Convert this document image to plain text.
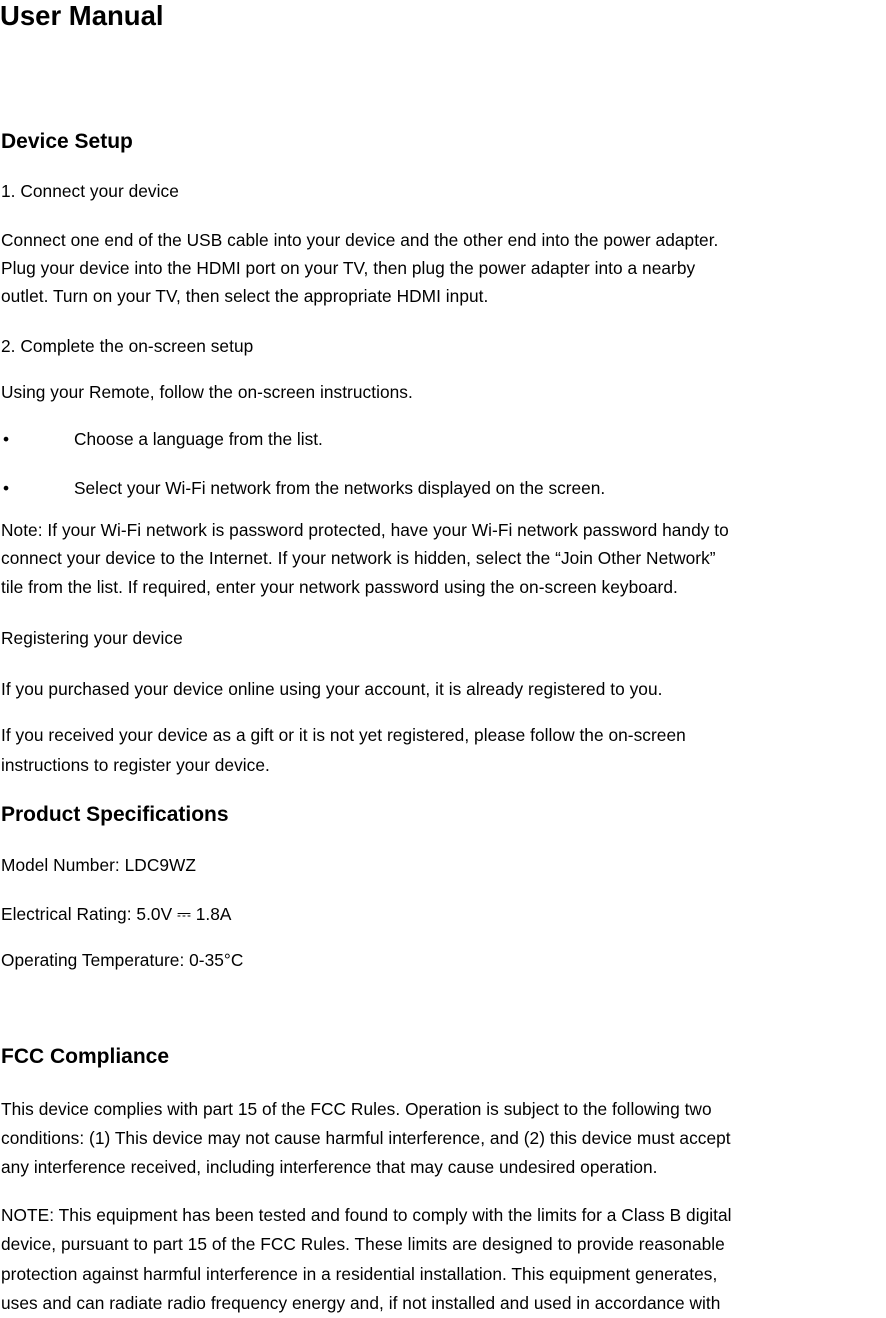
User Manual
Device Setup

1. Connect your device

Connect one end of the USB cable into your device and the other end into the power adapter.

Plug your device into the HDMI port on your TV, then plug the power adapter into a nearby

outlet. Turn on your TV, then select the appropriate HDMI input.

2. Complete the on-screen setup

Using your Remote, follow the on-screen instructions.

•	Choose a language from the list.
•	Select your Wi-Fi network from the networks displayed on the screen.

Note: If your Wi-Fi network is password protected, have your Wi-Fi network password handy to

connect your device to the Internet. If your network is hidden, select the “Join Other Network”

tile from the list. If required, enter your network password using the on-screen keyboard.

Registering your device

If you purchased your device online using your account, it is already registered to you.

If you received your device as a gift or it is not yet registered, please follow the on-screen

instructions to register your device.

Product Specifications

Model Number: LDC9WZ

Electrical Rating: 5.0V ⎓ 1.8A

Operating Temperature: 0-35°C

FCC Compliance

This device complies with part 15 of the FCC Rules. Operation is subject to the following two

conditions: (1) This device may not cause harmful interference, and (2) this device must accept

any interference received, including interference that may cause undesired operation.

NOTE: This equipment has been tested and found to comply with the limits for a Class B digital

device, pursuant to part 15 of the FCC Rules. These limits are designed to provide reasonable

protection against harmful interference in a residential installation. This equipment generates,

uses and can radiate radio frequency energy and, if not installed and used in accordance with
